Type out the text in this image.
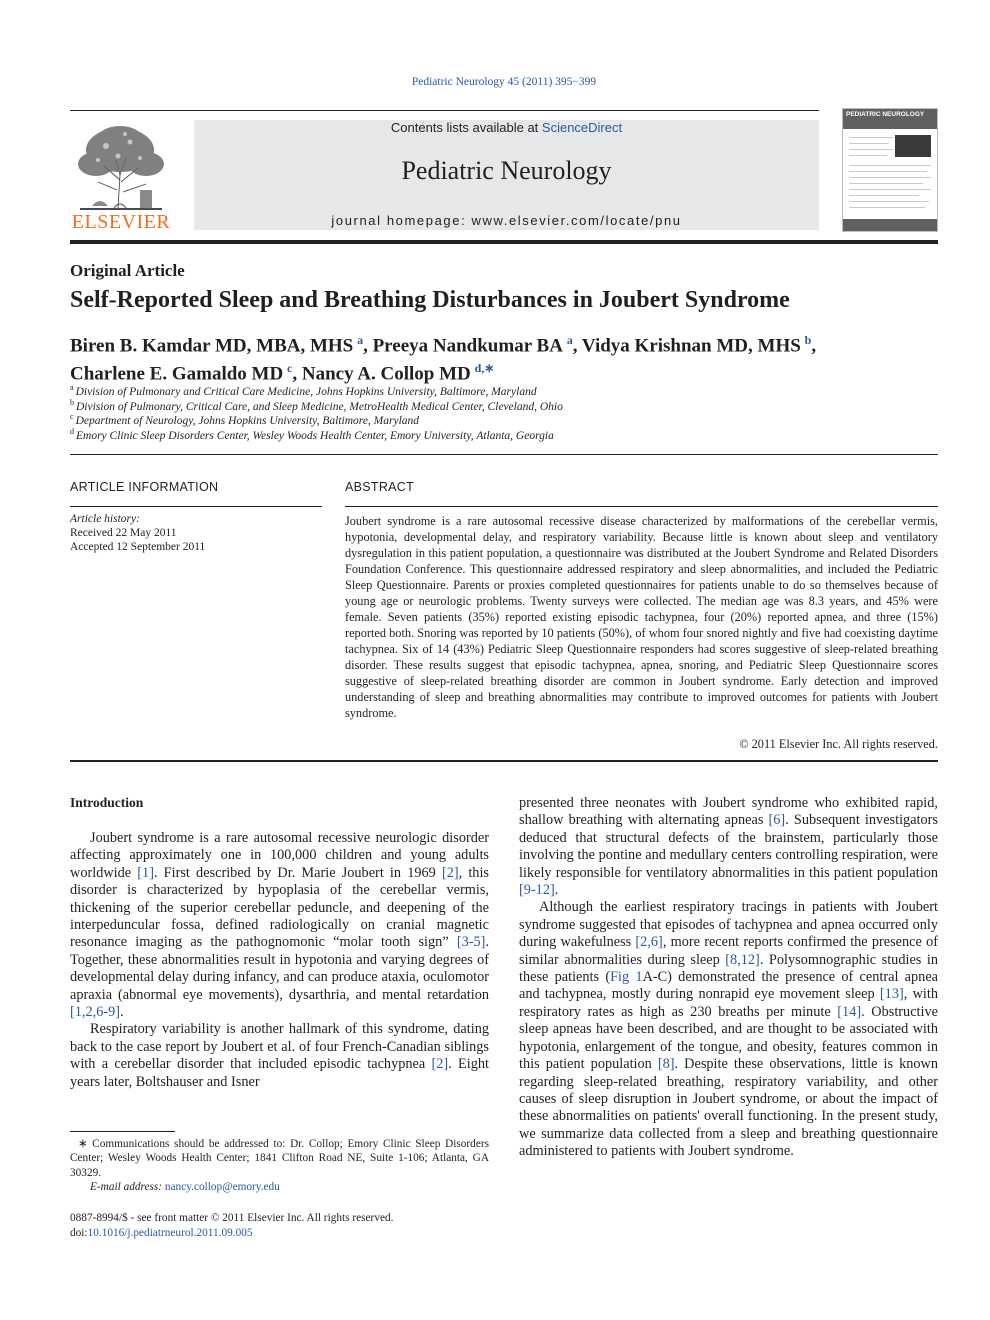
Pediatric Neurology 45 (2011) 395−399
ELSEVIER
Contents lists available at ScienceDirect
Pediatric Neurology
journal homepage: www.elsevier.com/locate/pnu
PEDIATRIC NEUROLOGY
Original Article
Self-Reported Sleep and Breathing Disturbances in Joubert Syndrome
Biren B. Kamdar MD, MBA, MHS  $^a$, Preeya Nandkumar BA  $^a$, Vidya Krishnan MD, MHS  $^b$,
Charlene E. Gamaldo MD  $^c$, Nancy A. Collop MD  $^{d,∗}$
$^a$ Division of Pulmonary and Critical Care Medicine, Johns Hopkins University, Baltimore, Maryland
$^b$ Division of Pulmonary, Critical Care, and Sleep Medicine, MetroHealth Medical Center, Cleveland, Ohio
$^c$ Department of Neurology, Johns Hopkins University, Baltimore, Maryland
$^d$ Emory Clinic Sleep Disorders Center, Wesley Woods Health Center, Emory University, Atlanta, Georgia
ARTICLE INFORMATION	ABSTRACT
Article history:
Received 22 May 2011
Accepted 12 September 2011
Joubert syndrome is a rare autosomal recessive disease characterized by malformations of the cerebellar vermis, hypotonia, developmental delay, and respiratory variability. Because little is known about sleep and ventilatory dysregulation in this patient population, a questionnaire was distributed at the Joubert Syndrome and Related Disorders Foundation Conference. This questionnaire addressed respiratory and sleep abnormalities, and included the Pediatric Sleep Questionnaire. Parents or proxies completed questionnaires for patients unable to do so themselves because of young age or neurologic problems. Twenty surveys were collected. The median age was 8.3 years, and 45% were female. Seven patients (35%) reported existing episodic tachypnea, four (20%) reported apnea, and three (15%) reported both. Snoring was reported by 10 patients (50%), of whom four snored nightly and five had coexisting daytime tachypnea. Six of 14 (43%) Pediatric Sleep Questionnaire responders had scores suggestive of sleep-related breathing disorder. These results suggest that episodic tachypnea, apnea, snoring, and Pediatric Sleep Questionnaire scores suggestive of sleep-related breathing disorder are common in Joubert syndrome. Early detection and improved understanding of sleep and breathing abnormalities may contribute to improved outcomes for patients with Joubert syndrome.
© 2011 Elsevier Inc. All rights reserved.
Introduction

Joubert syndrome is a rare autosomal recessive neurologic disorder affecting approximately one in 100,000 children and young adults worldwide [1]. First described by Dr. Marie Joubert in 1969 [2], this disorder is characterized by hypoplasia of the cerebellar vermis, thickening of the superior cerebellar peduncle, and deepening of the interpeduncular fossa, defined radiologically on cranial magnetic resonance imaging as the pathognomonic “molar tooth sign” [3-5]. Together, these abnormalities result in hypotonia and varying degrees of developmental delay during infancy, and can produce ataxia, oculomotor apraxia (abnormal eye movements), dysarthria, and mental retardation [1,2,6-9].

Respiratory variability is another hallmark of this syndrome, dating back to the case report by Joubert et al. of four French-Canadian siblings with a cerebellar disorder that included episodic tachypnea [2]. Eight years later, Boltshauser and Isner

presented three neonates with Joubert syndrome who exhibited rapid, shallow breathing with alternating apneas [6]. Subsequent investigators deduced that structural defects of the brainstem, particularly those involving the pontine and medullary centers controlling respiration, were likely responsible for ventilatory abnormalities in this patient population [9-12].

Although the earliest respiratory tracings in patients with Joubert syndrome suggested that episodes of tachypnea and apnea occurred only during wakefulness [2,6], more recent reports confirmed the presence of similar abnormalities during sleep [8,12]. Polysomnographic studies in these patients (Fig 1A-C) demonstrated the presence of central apnea and tachypnea, mostly during nonrapid eye movement sleep [13], with respiratory rates as high as 230 breaths per minute [14]. Obstructive sleep apneas have been described, and are thought to be associated with hypotonia, enlargement of the tongue, and obesity, features common in this patient population [8]. Despite these observations, little is known regarding sleep-related breathing, respiratory variability, and other causes of sleep disruption in Joubert syndrome, or about the impact of these abnormalities on patients' overall functioning. In the present study, we summarize data collected from a sleep and breathing questionnaire administered to patients with Joubert syndrome.

∗ Communications should be addressed to: Dr. Collop; Emory Clinic Sleep Disorders Center; Wesley Woods Health Center; 1841 Clifton Road NE, Suite 1-106; Atlanta, GA 30329.
E-mail address: nancy.collop@emory.edu
0887-8994/$ - see front matter © 2011 Elsevier Inc. All rights reserved.
doi:10.1016/j.pediatrneurol.2011.09.005
